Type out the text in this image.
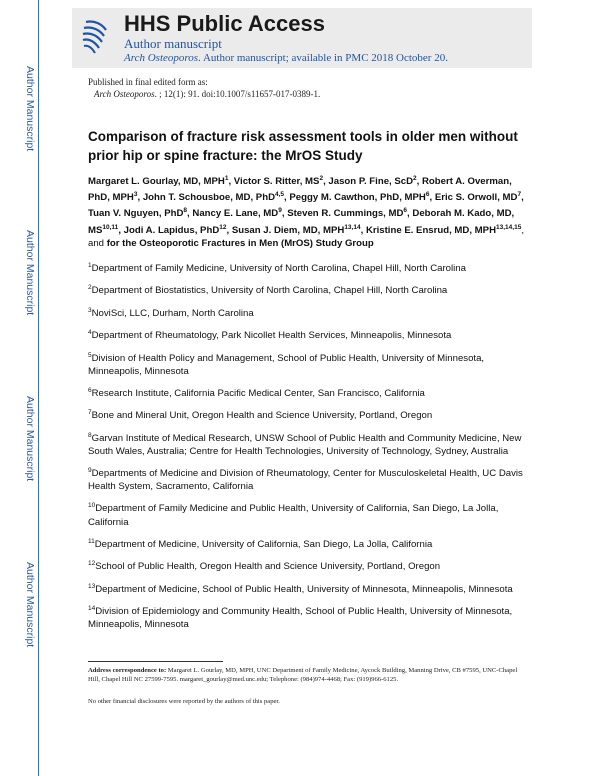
Author Manuscript
Author Manuscript
Author Manuscript
Author Manuscript
HHS Public Access
Author manuscript
Arch Osteoporos. Author manuscript; available in PMC 2018 October 20.
Published in final edited form as:
Arch Osteoporos. ; 12(1): 91. doi:10.1007/s11657-017-0389-1.
Comparison of fracture risk assessment tools in older men without prior hip or spine fracture: the MrOS Study
Margaret L. Gourlay, MD, MPH$^1$, Victor S. Ritter, $MS^2$, Jason P. Fine, ScD$^2$, Robert A. Overman, PhD, MPH$^3$, John T. Schousboe, MD, PhD$^{4,5}$, Peggy M. Cawthon, PhD, MPH$^6$, Eric S. Orwoll, $MD^7$, Tuan V. Nguyen, PhD$^8$, Nancy E. Lane, $MD^9$, Steven R. Cummings, $MD^6$, Deborah M. Kado, MD, MS$^{10,11}$, Jodi A. Lapidus, PhD$^{12}$, Susan J. Diem, MD, MPH$^{13,14}$, Kristine E. Ensrud, MD, MPH$^{13,14,15}$, and for the Osteoporotic Fractures in Men (MrOS) Study Group
$^1$Department of Family Medicine, University of North Carolina, Chapel Hill, North Carolina
$^2$Department of Biostatistics, University of North Carolina, Chapel Hill, North Carolina
$^3$NoviSci, LLC, Durham, North Carolina
$^4$Department of Rheumatology, Park Nicollet Health Services, Minneapolis, Minnesota
$^5$Division of Health Policy and Management, School of Public Health, University of Minnesota, Minneapolis, Minnesota
$^6$Research Institute, California Pacific Medical Center, San Francisco, California
$^7$Bone and Mineral Unit, Oregon Health and Science University, Portland, Oregon
$^8$Garvan Institute of Medical Research, UNSW School of Public Health and Community Medicine, New South Wales, Australia; Centre for Health Technologies, University of Technology, Sydney, Australia
$^9$Departments of Medicine and Division of Rheumatology, Center for Musculoskeletal Health, UC Davis Health System, Sacramento, California
$^{10}$Department of Family Medicine and Public Health, University of California, San Diego, La Jolla, California
$^{11}$Department of Medicine, University of California, San Diego, La Jolla, California
$^{12}$School of Public Health, Oregon Health and Science University, Portland, Oregon
$^{13}$Department of Medicine, School of Public Health, University of Minnesota, Minneapolis, Minnesota
$^{14}$Division of Epidemiology and Community Health, School of Public Health, University of Minnesota, Minneapolis, Minnesota
Address correspondence to: Margaret L. Gourlay, MD, MPH, UNC Department of Family Medicine, Aycock Building, Manning Drive, CB #7595, UNC-Chapel Hill, Chapel Hill NC 27599-7595. margaret_gourlay@med.unc.edu; Telephone: (984)974-4468; Fax: (919)966-6125.
No other financial disclosures were reported by the authors of this paper.
